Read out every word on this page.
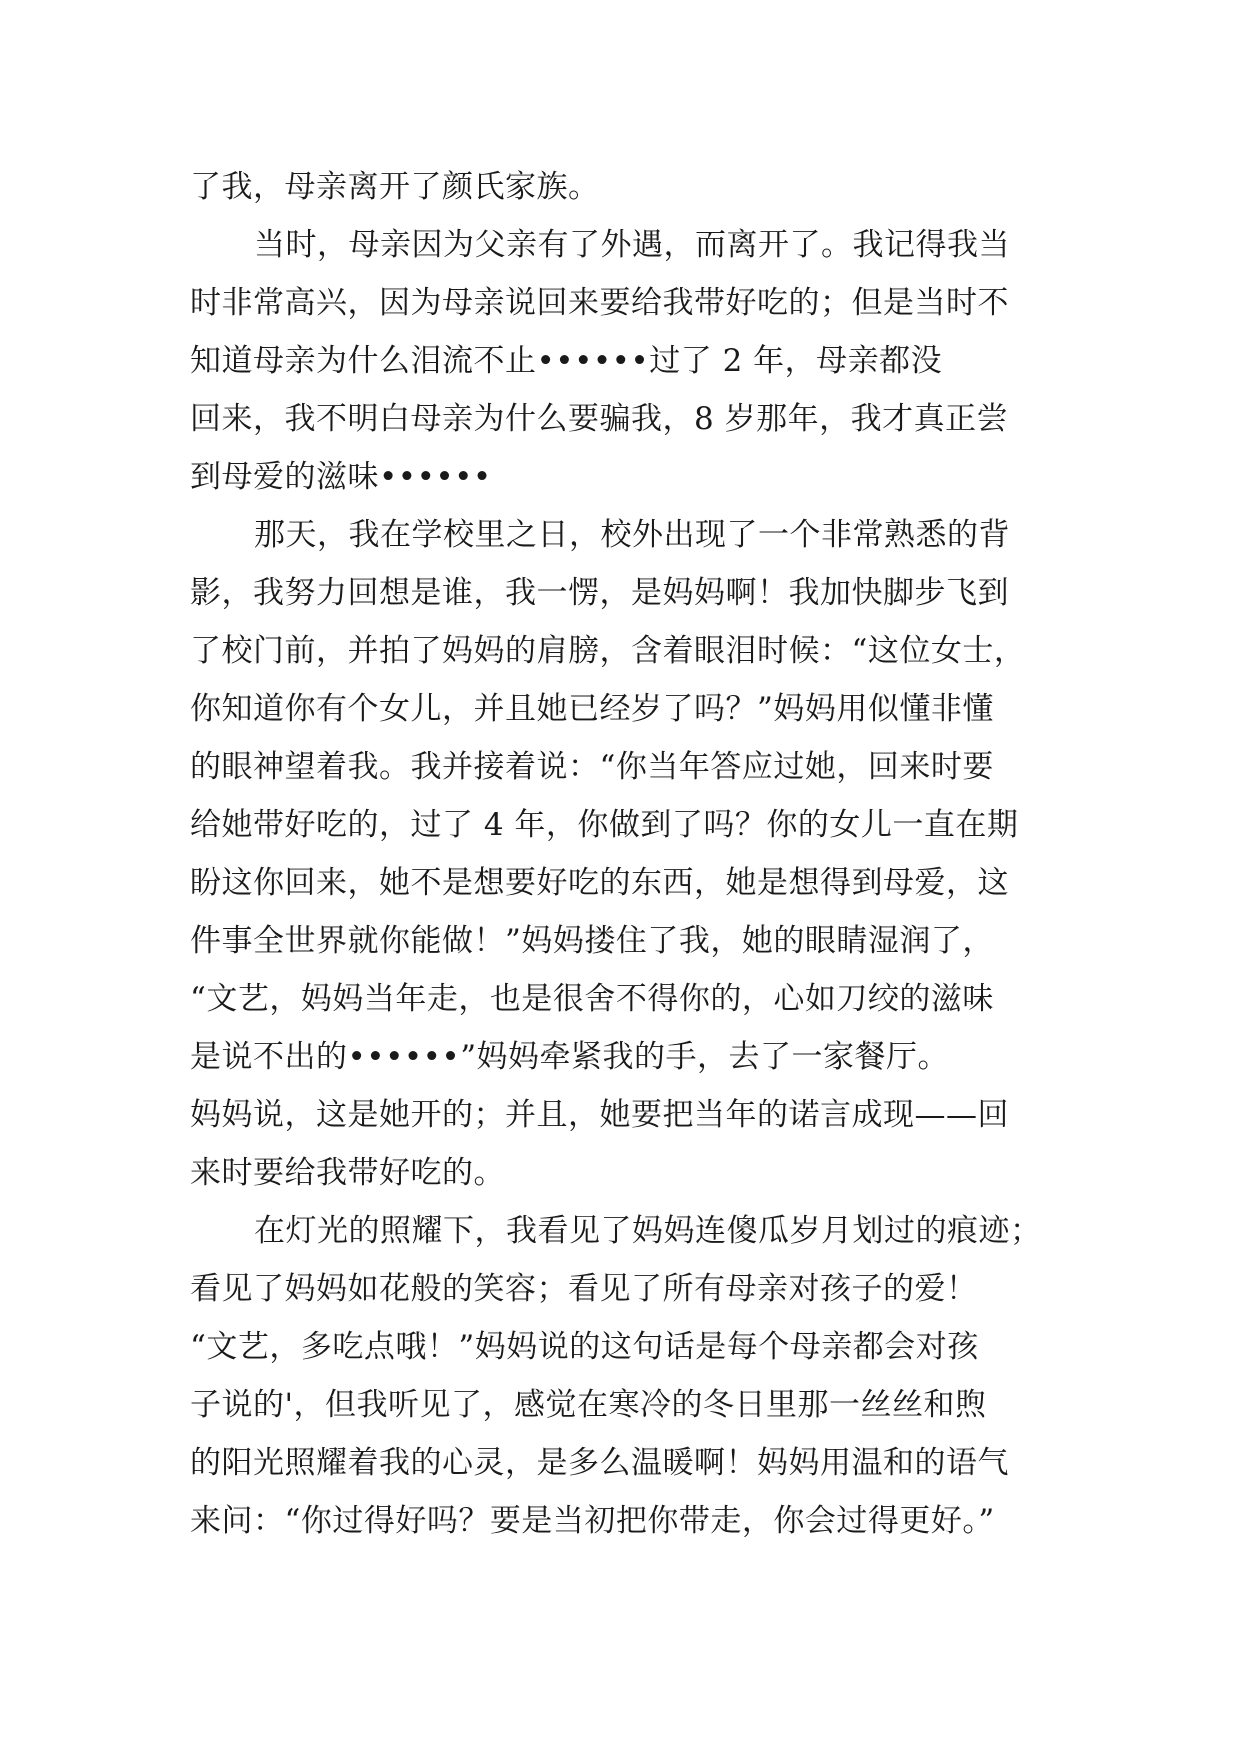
了我，母亲离开了颜氏家族。
当时，母亲因为父亲有了外遇，而离开了。我记得我当
时非常高兴，因为母亲说回来要给我带好吃的；但是当时不
知道母亲为什么泪流不止••••••过了 2 年，母亲都没
回来，我不明白母亲为什么要骗我，8 岁那年，我才真正尝
到母爱的滋味••••••
那天，我在学校里之日，校外出现了一个非常熟悉的背
影，我努力回想是谁，我一愣，是妈妈啊！我加快脚步飞到
了校门前，并拍了妈妈的肩膀，含着眼泪时候：“这位女士，
你知道你有个女儿，并且她已经岁了吗？”妈妈用似懂非懂
的眼神望着我。我并接着说：“你当年答应过她，回来时要
给她带好吃的，过了 4 年，你做到了吗？你的女儿一直在期
盼这你回来，她不是想要好吃的东西，她是想得到母爱，这
件事全世界就你能做！”妈妈搂住了我，她的眼睛湿润了，
“文艺，妈妈当年走，也是很舍不得你的，心如刀绞的滋味
是说不出的••••••”妈妈牵紧我的手，去了一家餐厅。
妈妈说，这是她开的；并且，她要把当年的诺言成现——回
来时要给我带好吃的。
在灯光的照耀下，我看见了妈妈连傻瓜岁月划过的痕迹；
看见了妈妈如花般的笑容；看见了所有母亲对孩子的爱！
“文艺，多吃点哦！”妈妈说的这句话是每个母亲都会对孩
子说的'，但我听见了，感觉在寒冷的冬日里那一丝丝和煦
的阳光照耀着我的心灵，是多么温暖啊！妈妈用温和的语气
来问：“你过得好吗？要是当初把你带走，你会过得更好。”
